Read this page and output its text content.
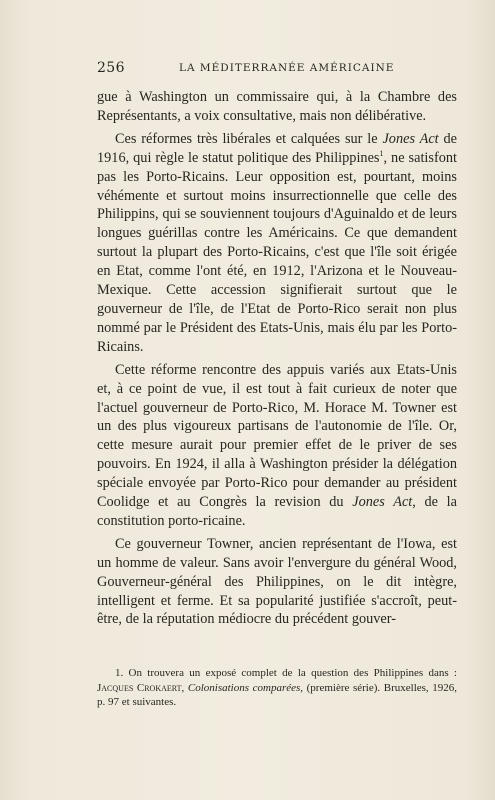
256	LA MÉDITERRANÉE AMÉRICAINE

gue à Washington un commissaire qui, à la Chambre des Représentants, a voix consultative, mais non délibérative.

Ces réformes très libérales et calquées sur le Jones Act de 1916, qui règle le statut politique des Philippines$^1$, ne satisfont pas les Porto-Ricains. Leur opposition est, pourtant, moins véhémente et surtout moins insurrectionnelle que celle des Philippins, qui se souviennent toujours d'Aguinaldo et de leurs longues guérillas contre les Américains. Ce que demandent surtout la plupart des Porto-Ricains, c'est que l'île soit érigée en Etat, comme l'ont été, en 1912, l'Arizona et le Nouveau-Mexique. Cette accession signifierait surtout que le gouverneur de l'île, de l'Etat de Porto-Rico serait non plus nommé par le Président des Etats-Unis, mais élu par les Porto-Ricains.

Cette réforme rencontre des appuis variés aux Etats-Unis et, à ce point de vue, il est tout à fait curieux de noter que l'actuel gouverneur de Porto-Rico, M. Horace M. Towner est un des plus vigoureux partisans de l'autonomie de l'île. Or, cette mesure aurait pour premier effet de le priver de ses pouvoirs. En 1924, il alla à Washington présider la délégation spéciale envoyée par Porto-Rico pour demander au président Coolidge et au Congrès la revision du Jones Act, de la constitution porto-ricaine.

Ce gouverneur Towner, ancien représentant de l'Iowa, est un homme de valeur. Sans avoir l'envergure du général Wood, Gouverneur-général des Philippines, on le dit intègre, intelligent et ferme. Et sa popularité justifiée s'accroît, peut-être, de la réputation médiocre du précédent gouver-

1. On trouvera un exposé complet de la question des Philippines dans : Jacques Crokaert, Colonisations comparées, (première série). Bruxelles, 1926, p. 97 et suivantes.
